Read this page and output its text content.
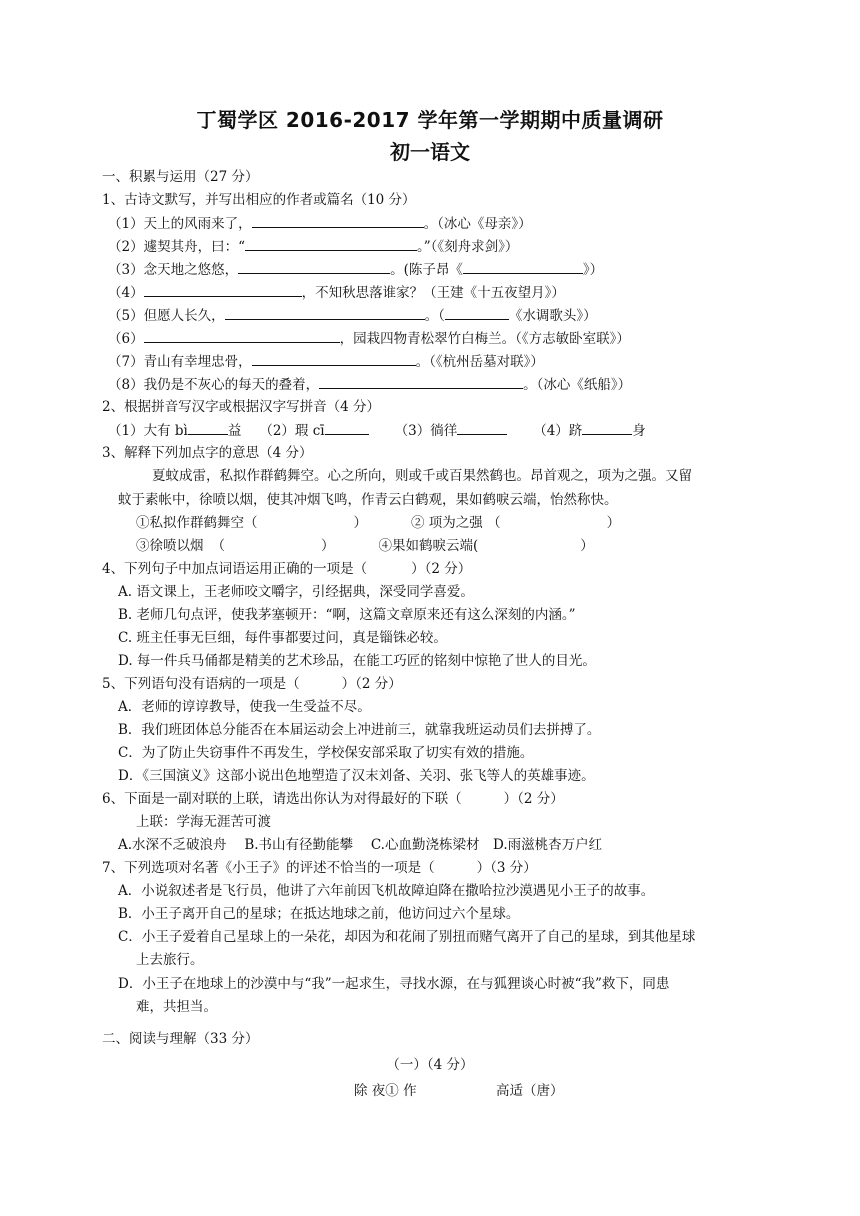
丁蜀学区 2016-2017 学年第一学期期中质量调研
初一语文
一、积累与运用（27 分）
1、古诗文默写，并写出相应的作者或篇名（10 分）
（1）天上的风雨来了，	。（冰心《母亲》）
（2）遽契其舟，曰：“	。”（《刻舟求剑》）
（3）念天地之悠悠，	。(陈子昂《	》）
（4）	，不知秋思落谁家？（王建《十五夜望月》）
（5）但愿人长久，	。（	《水调歌头》）
（6）	，园栽四物青松翠竹白梅兰。（《方志敏卧室联》）
（7）青山有幸埋忠骨，	。（《杭州岳墓对联》）
（8）我仍是不灰心的每天的叠着，	。（冰心《纸船》）
2、根据拼音写汉字或根据汉字写拼音（4 分）
（1）大有 bì	益 （2）瑕 cī	（3）徜徉	（4）跻	身
3、解释下列加点字的意思（4 分）
夏蚊成雷，私拟作群鹤舞空。心之所向，则或千或百果然鹤也。昂首观之，项为之强。又留
蚊于素帐中，徐喷以烟，使其冲烟飞鸣，作青云白鹤观，果如鹤唳云端，怡然称快。
①私拟作群鹤舞空（	）	② 项为之强 （	）
③徐喷以烟 （	）	④果如鹤唳云端(	）
4、下列句子中加点词语运用正确的一项是（	）（2 分）
A. 语文课上，王老师咬文嚼字，引经据典，深受同学喜爱。
B. 老师几句点评，使我茅塞顿开：“啊，这篇文章原来还有这么深刻的内涵。”
C. 班主任事无巨细，每件事都要过问，真是锱铢必较。
D. 每一件兵马俑都是精美的艺术珍品，在能工巧匠的铭刻中惊艳了世人的目光。
5、下列语句没有语病的一项是（	）（2 分）
A．老师的谆谆教导，使我一生受益不尽。
B．我们班团体总分能否在本届运动会上冲进前三，就靠我班运动员们去拼搏了。
C．为了防止失窃事件不再发生，学校保安部采取了切实有效的措施。
D．《三国演义》这部小说出色地塑造了汉末刘备、关羽、张飞等人的英雄事迹。
6、下面是一副对联的上联，请选出你认为对得最好的下联（	）（2 分）
上联：学海无涯苦可渡
A.水深不乏破浪舟　 B.书山有径勤能攀　 C.心血勤浇栋梁材　D.雨滋桃杏万户红
7、下列选项对名著《小王子》的评述不恰当的一项是（	）（3 分）
A．小说叙述者是飞行员，他讲了六年前因飞机故障迫降在撒哈拉沙漠遇见小王子的故事。
B．小王子离开自己的星球；在抵达地球之前，他访问过六个星球。
C．小王子爱着自己星球上的一朵花，却因为和花闹了别扭而赌气离开了自己的星球，到其他星球
上去旅行。
D．小王子在地球上的沙漠中与“我”一起求生，寻找水源，在与狐狸谈心时被“我”救下，同患
难，共担当。
二、阅读与理解（33 分）
（一）（4 分）
除 夜① 作	高适（唐）
